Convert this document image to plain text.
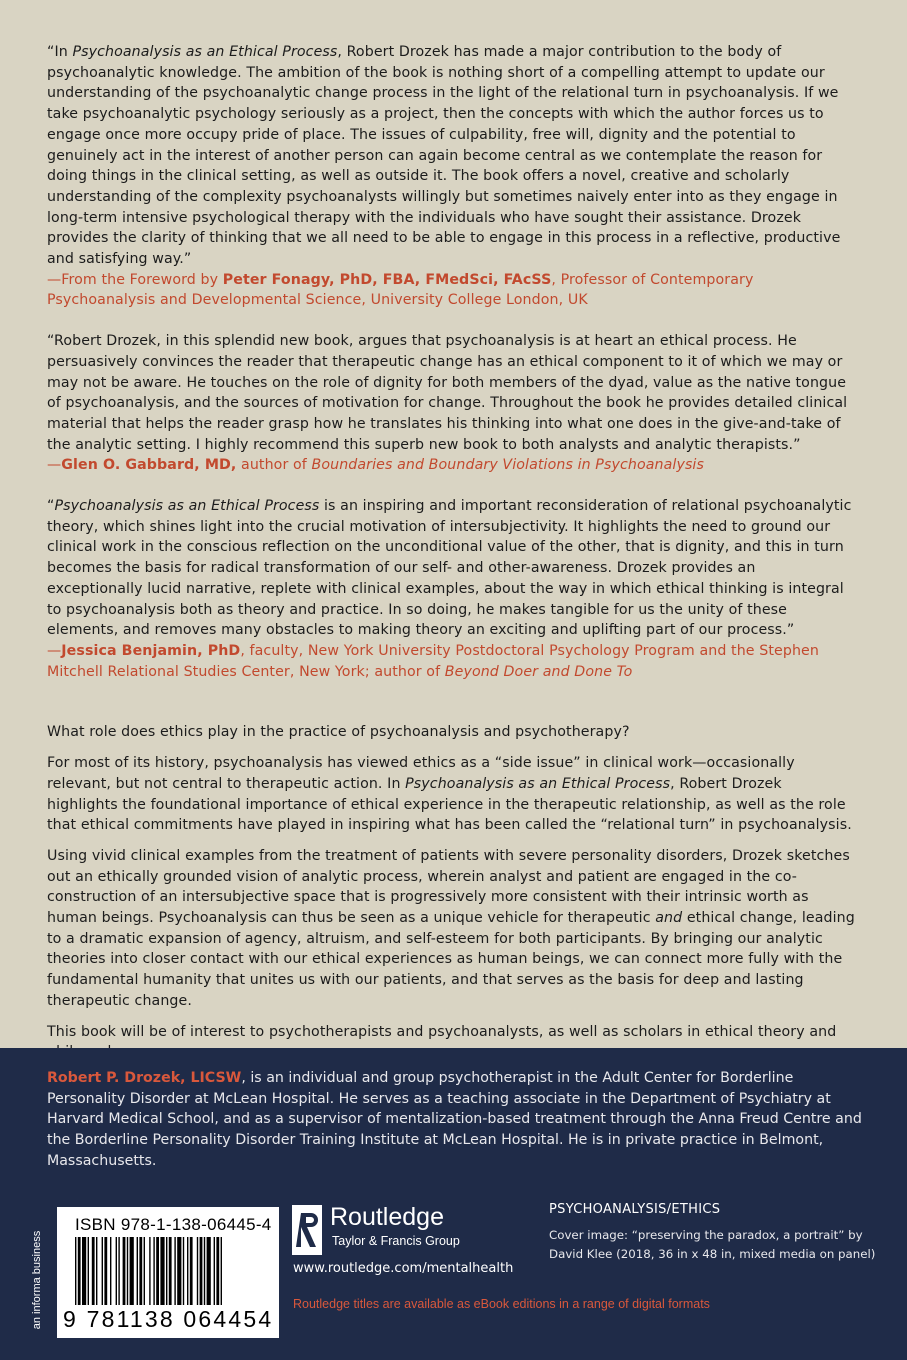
“In Psychoanalysis as an Ethical Process, Robert Drozek has made a major contribution to the body of psychoanalytic knowledge. The ambition of the book is nothing short of a compelling attempt to update our understanding of the psychoanalytic change process in the light of the relational turn in psychoanalysis. If we take psychoanalytic psychology seriously as a project, then the concepts with which the author forces us to engage once more occupy pride of place. The issues of culpability, free will, dignity and the potential to genuinely act in the interest of another person can again become central as we contemplate the reason for doing things in the clinical setting, as well as outside it. The book offers a novel, creative and scholarly understanding of the complexity psychoanalysts willingly but sometimes naively enter into as they engage in long-term intensive psychological therapy with the individuals who have sought their assistance. Drozek provides the clarity of thinking that we all need to be able to engage in this process in a reflective, productive and satisfying way.”

—From the Foreword by Peter Fonagy, PhD, FBA, FMedSci, FAcSS, Professor of Contemporary Psychoanalysis and Developmental Science, University College London, UK

“Robert Drozek, in this splendid new book, argues that psychoanalysis is at heart an ethical process. He persuasively convinces the reader that therapeutic change has an ethical component to it of which we may or may not be aware. He touches on the role of dignity for both members of the dyad, value as the native tongue of psychoanalysis, and the sources of motivation for change. Throughout the book he provides detailed clinical material that helps the reader grasp how he translates his thinking into what one does in the give-and-take of the analytic setting. I highly recommend this superb new book to both analysts and analytic therapists.”

—Glen O. Gabbard, MD, author of Boundaries and Boundary Violations in Psychoanalysis

“Psychoanalysis as an Ethical Process is an inspiring and important reconsideration of relational psychoanalytic theory, which shines light into the crucial motivation of intersubjectivity. It highlights the need to ground our clinical work in the conscious reflection on the unconditional value of the other, that is dignity, and this in turn becomes the basis for radical transformation of our self- and other-awareness. Drozek provides an exceptionally lucid narrative, replete with clinical examples, about the way in which ethical thinking is integral to psychoanalysis both as theory and practice. In so doing, he makes tangible for us the unity of these elements, and removes many obstacles to making theory an exciting and uplifting part of our process.”

—Jessica Benjamin, PhD, faculty, New York University Postdoctoral Psychology Program and the Stephen Mitchell Relational Studies Center, New York; author of Beyond Doer and Done To

What role does ethics play in the practice of psychoanalysis and psychotherapy?

For most of its history, psychoanalysis has viewed ethics as a “side issue” in clinical work—occasionally relevant, but not central to therapeutic action. In Psychoanalysis as an Ethical Process, Robert Drozek highlights the foundational importance of ethical experience in the therapeutic relationship, as well as the role that ethical commitments have played in inspiring what has been called the “relational turn” in psychoanalysis.

Using vivid clinical examples from the treatment of patients with severe personality disorders, Drozek sketches out an ethically grounded vision of analytic process, wherein analyst and patient are engaged in the co-construction of an intersubjective space that is progressively more consistent with their intrinsic worth as human beings. Psychoanalysis can thus be seen as a unique vehicle for therapeutic and ethical change, leading to a dramatic expansion of agency, altruism, and self-esteem for both participants. By bringing our analytic theories into closer contact with our ethical experiences as human beings, we can connect more fully with the fundamental humanity that unites us with our patients, and that serves as the basis for deep and lasting therapeutic change.

This book will be of interest to psychotherapists and psychoanalysts, as well as scholars in ethical theory and

Robert P. Drozek, LICSW, is an individual and group psychotherapist in the Adult Center for Borderline Personality Disorder at McLean Hospital. He serves as a teaching associate in the Department of Psychiatry at Harvard Medical School, and as a supervisor of mentalization-based treatment through the Anna Freud Centre and the Borderline Personality Disorder Training Institute at McLean Hospital. He is in private practice in Belmont, Massachusetts.

an informa business
ISBN 978-1-138-06445-4
9 781138 064454
Routledge
Taylor & Francis Group
www.routledge.com/mentalhealth
PSYCHOANALYSIS/ETHICS
Cover image: “preserving the paradox, a portrait” by David Klee (2018, 36 in x 48 in, mixed media on panel)
Routledge titles are available as eBook editions in a range of digital formats
